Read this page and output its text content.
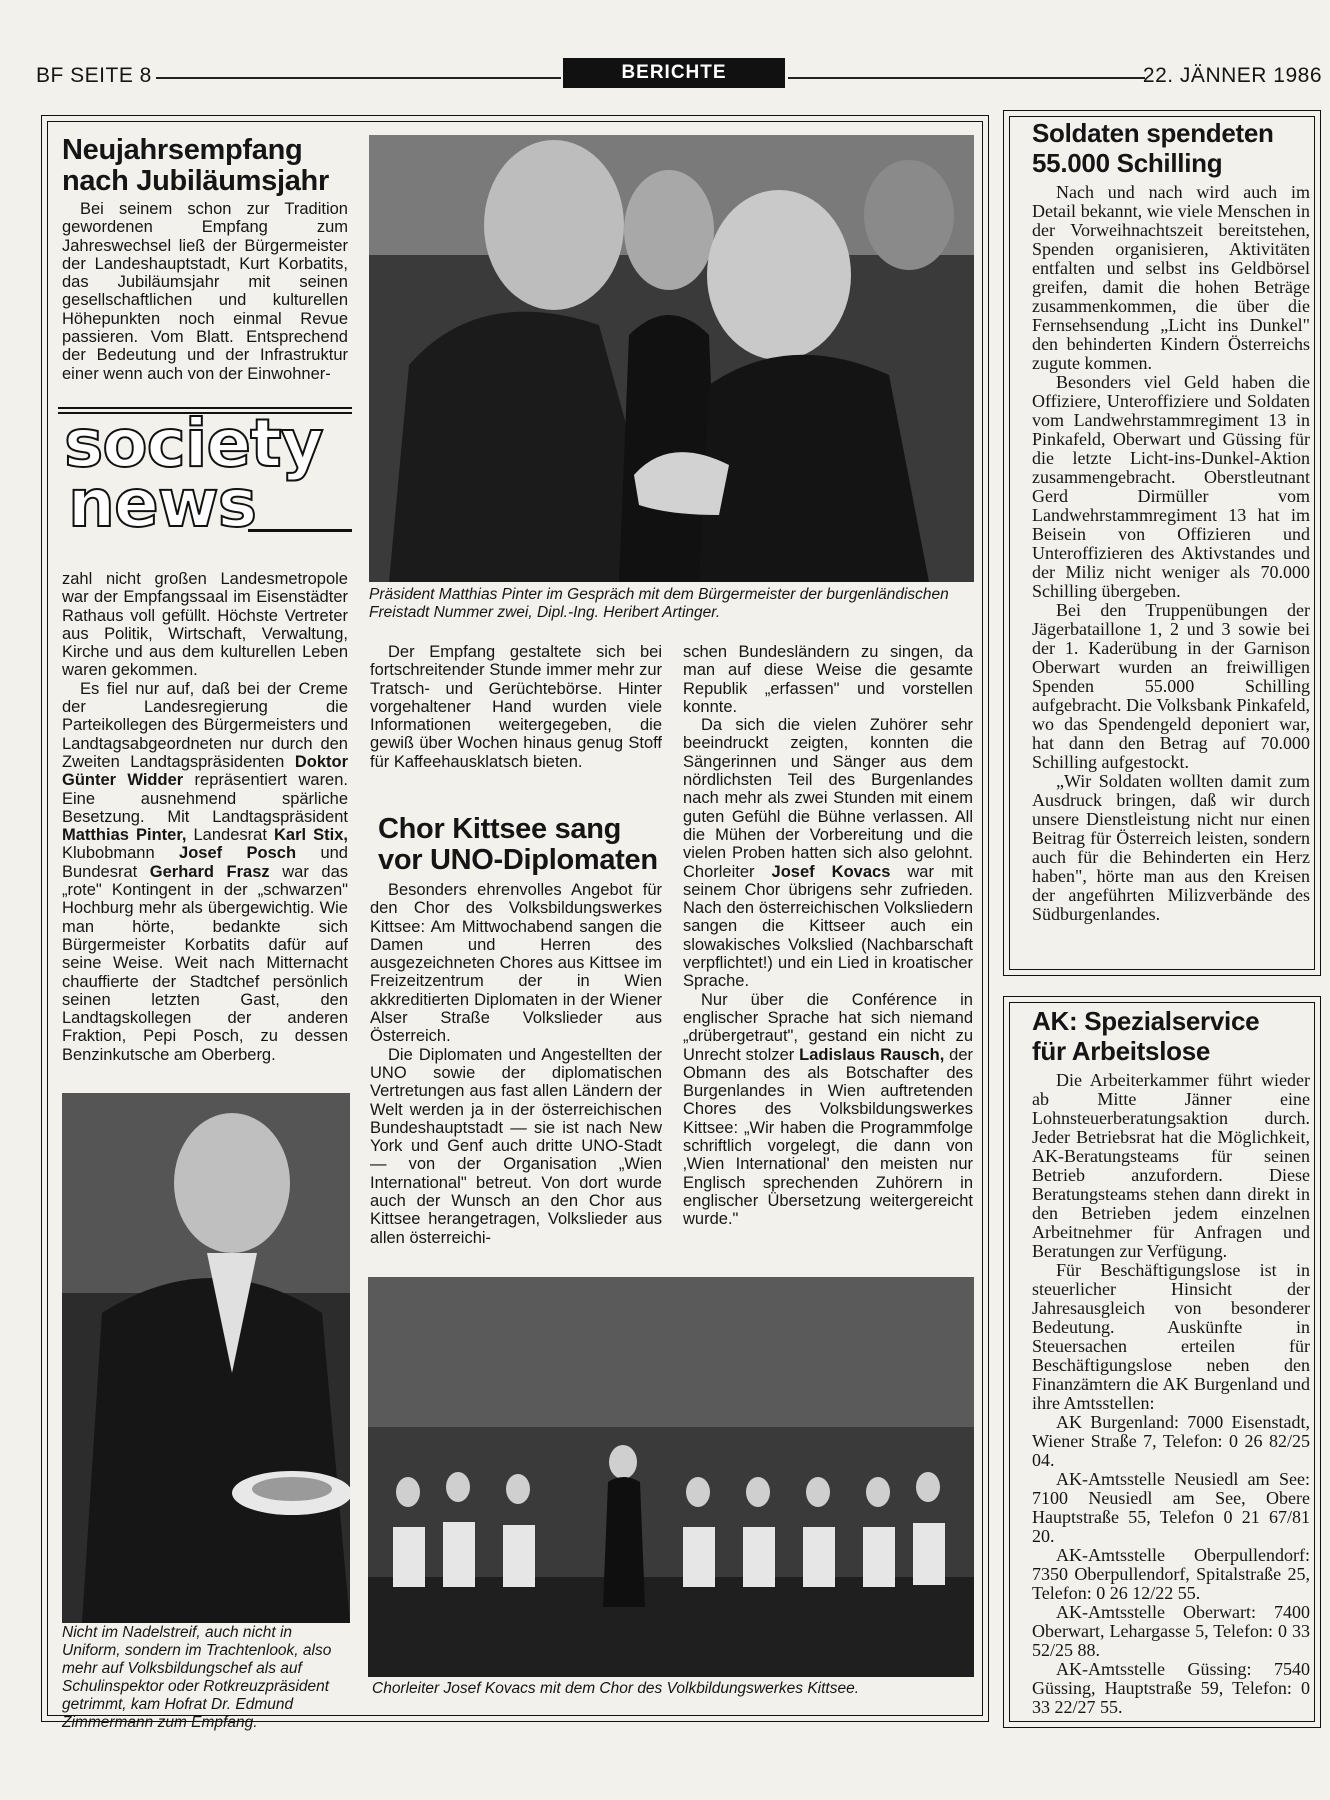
BF SEITE 8	BERICHTE	22. JÄNNER 1986
Neujahrsempfang
nach Jubiläumsjahr

Bei seinem schon zur Tradition gewordenen Empfang zum Jahreswechsel ließ der Bürgermeister der Landeshauptstadt, Kurt Korbatits, das Jubiläumsjahr mit seinen gesellschaftlichen und kulturellen Höhepunkten noch einmal Revue passieren. Vom Blatt. Entsprechend der Bedeutung und der Infrastruktur einer wenn auch von der Einwohner-

society
news

zahl nicht großen Landesmetropole war der Empfangssaal im Eisenstädter Rathaus voll gefüllt. Höchste Vertreter aus Politik, Wirtschaft, Verwaltung, Kirche und aus dem kulturellen Leben waren gekommen.

Es fiel nur auf, daß bei der Creme der Landesregierung die Parteikollegen des Bürgermeisters und Landtagsabgeordneten nur durch den Zweiten Landtagspräsidenten Doktor Günter Widder repräsentiert waren. Eine ausnehmend spärliche Besetzung. Mit Landtagspräsident Matthias Pinter, Landesrat Karl Stix, Klubobmann Josef Posch und Bundesrat Gerhard Frasz war das „rote" Kontingent in der „schwarzen" Hochburg mehr als übergewichtig. Wie man hörte, bedankte sich Bürgermeister Korbatits dafür auf seine Weise. Weit nach Mitternacht chauffierte der Stadtchef persönlich seinen letzten Gast, den Landtagskollegen der anderen Fraktion, Pepi Posch, zu dessen Benzinkutsche am Oberberg.

Präsident Matthias Pinter im Gespräch mit dem Bürgermeister der burgenländischen Freistadt Nummer zwei, Dipl.-Ing. Heribert Artinger.

Der Empfang gestaltete sich bei fortschreitender Stunde immer mehr zur Tratsch- und Gerüchtebörse. Hinter vorgehaltener Hand wurden viele Informationen weitergegeben, die gewiß über Wochen hinaus genug Stoff für Kaffeehausklatsch bieten.

Chor Kittsee sang
vor UNO-Diplomaten

Besonders ehrenvolles Angebot für den Chor des Volksbildungswerkes Kittsee: Am Mittwochabend sangen die Damen und Herren des ausgezeichneten Chores aus Kittsee im Freizeitzentrum der in Wien akkreditierten Diplomaten in der Wiener Alser Straße Volkslieder aus Österreich.

Die Diplomaten und Angestellten der UNO sowie der diplomatischen Vertretungen aus fast allen Ländern der Welt werden ja in der österreichischen Bundeshauptstadt — sie ist nach New York und Genf auch dritte UNO-Stadt — von der Organisation „Wien International" betreut. Von dort wurde auch der Wunsch an den Chor aus Kittsee herangetragen, Volkslieder aus allen österreichi-

schen Bundesländern zu singen, da man auf diese Weise die gesamte Republik „erfassen" und vorstellen konnte.

Da sich die vielen Zuhörer sehr beeindruckt zeigten, konnten die Sängerinnen und Sänger aus dem nördlichsten Teil des Burgenlandes nach mehr als zwei Stunden mit einem guten Gefühl die Bühne verlassen. All die Mühen der Vorbereitung und die vielen Proben hatten sich also gelohnt. Chorleiter Josef Kovacs war mit seinem Chor übrigens sehr zufrieden. Nach den österreichischen Volksliedern sangen die Kittseer auch ein slowakisches Volkslied (Nachbarschaft verpflichtet!) und ein Lied in kroatischer Sprache.

Nur über die Conférence in englischer Sprache hat sich niemand „drübergetraut", gestand ein nicht zu Unrecht stolzer Ladislaus Rausch, der Obmann des als Botschafter des Burgenlandes in Wien auftretenden Chores des Volksbildungswerkes Kittsee: „Wir haben die Programmfolge schriftlich vorgelegt, die dann von ‚Wien International' den meisten nur Englisch sprechenden Zuhörern in englischer Übersetzung weitergereicht wurde."

Nicht im Nadelstreif, auch nicht in Uniform, sondern im Trachtenlook, also mehr auf Volksbildungschef als auf Schulinspektor oder Rotkreuzpräsident getrimmt, kam Hofrat Dr. Edmund Zimmermann zum Empfang.
Chorleiter Josef Kovacs mit dem Chor des Volkbildungswerkes Kittsee.
Soldaten spendeten
55.000 Schilling

Nach und nach wird auch im Detail bekannt, wie viele Menschen in der Vorweihnachtszeit bereitstehen, Spenden organisieren, Aktivitäten entfalten und selbst ins Geldbörsel greifen, damit die hohen Beträge zusammenkommen, die über die Fernsehsendung „Licht ins Dunkel" den behinderten Kindern Österreichs zugute kommen.

Besonders viel Geld haben die Offiziere, Unteroffiziere und Soldaten vom Landwehrstammregiment 13 in Pinkafeld, Oberwart und Güssing für die letzte Licht-ins-Dunkel-Aktion zusammengebracht. Oberstleutnant Gerd Dirmüller vom Landwehrstammregiment 13 hat im Beisein von Offizieren und Unteroffizieren des Aktivstandes und der Miliz nicht weniger als 70.000 Schilling übergeben.

Bei den Truppenübungen der Jägerbataillone 1, 2 und 3 sowie bei der 1. Kaderübung in der Garnison Oberwart wurden an freiwilligen Spenden 55.000 Schilling aufgebracht. Die Volksbank Pinkafeld, wo das Spendengeld deponiert war, hat dann den Betrag auf 70.000 Schilling aufgestockt.

„Wir Soldaten wollten damit zum Ausdruck bringen, daß wir durch unsere Dienstleistung nicht nur einen Beitrag für Österreich leisten, sondern auch für die Behinderten ein Herz haben", hörte man aus den Kreisen der angeführten Milizverbände des Südburgenlandes.

AK: Spezialservice
für Arbeitslose

Die Arbeiterkammer führt wieder ab Mitte Jänner eine Lohnsteuerberatungsaktion durch. Jeder Betriebsrat hat die Möglichkeit, AK-Beratungsteams für seinen Betrieb anzufordern. Diese Beratungsteams stehen dann direkt in den Betrieben jedem einzelnen Arbeitnehmer für Anfragen und Beratungen zur Verfügung.

Für Beschäftigungslose ist in steuerlicher Hinsicht der Jahresausgleich von besonderer Bedeutung. Auskünfte in Steuersachen erteilen für Beschäftigungslose neben den Finanzämtern die AK Burgenland und ihre Amtsstellen:

AK Burgenland: 7000 Eisenstadt, Wiener Straße 7, Telefon: 0 26 82/25 04.

AK-Amtsstelle Neusiedl am See: 7100 Neusiedl am See, Obere Hauptstraße 55, Telefon 0 21 67/81 20.

AK-Amtsstelle Oberpullendorf: 7350 Oberpullendorf, Spitalstraße 25, Telefon: 0 26 12/22 55.

AK-Amtsstelle Oberwart: 7400 Oberwart, Lehargasse 5, Telefon: 0 33 52/25 88.

AK-Amtsstelle Güssing: 7540 Güssing, Hauptstraße 59, Telefon: 0 33 22/27 55.
